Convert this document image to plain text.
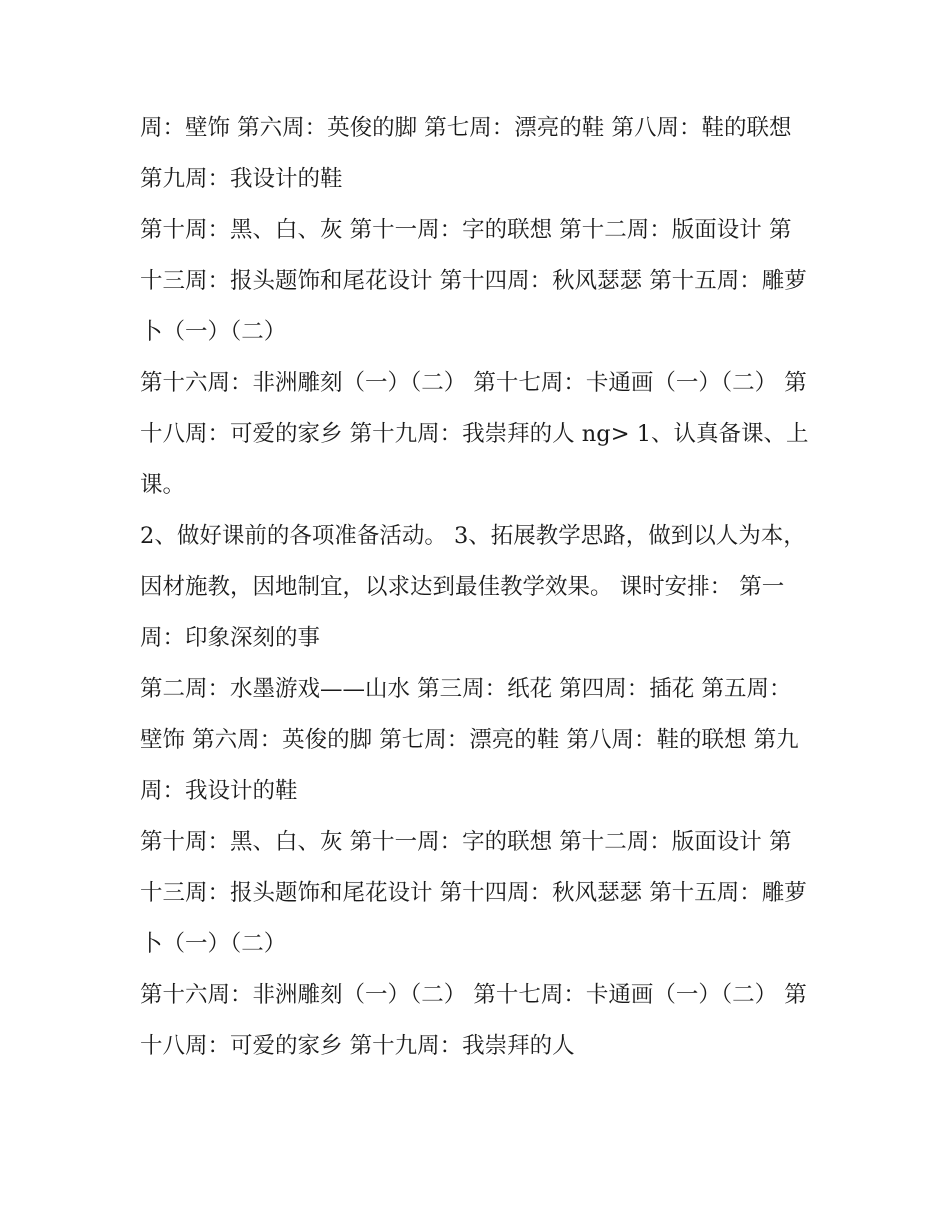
周：壁饰 第六周：英俊的脚 第七周：漂亮的鞋 第八周：鞋的联想 第九周：我设计的鞋

第十周：黑、白、灰 第十一周：字的联想 第十二周：版面设计 第十三周：报头题饰和尾花设计 第十四周：秋风瑟瑟 第十五周：雕萝卜（一）（二）

第十六周：非洲雕刻（一）（二） 第十七周：卡通画（一）（二） 第十八周：可爱的家乡 第十九周：我崇拜的人 ng> 1、认真备课、上课。

2、做好课前的各项准备活动。 3、拓展教学思路，做到以人为本，因材施教，因地制宜，以求达到最佳教学效果。 课时安排： 第一周：印象深刻的事

第二周：水墨游戏——山水 第三周：纸花 第四周：插花 第五周：壁饰 第六周：英俊的脚 第七周：漂亮的鞋 第八周：鞋的联想 第九周：我设计的鞋

第十周：黑、白、灰 第十一周：字的联想 第十二周：版面设计 第十三周：报头题饰和尾花设计 第十四周：秋风瑟瑟 第十五周：雕萝卜（一）（二）

第十六周：非洲雕刻（一）（二） 第十七周：卡通画（一）（二） 第十八周：可爱的家乡 第十九周：我崇拜的人
